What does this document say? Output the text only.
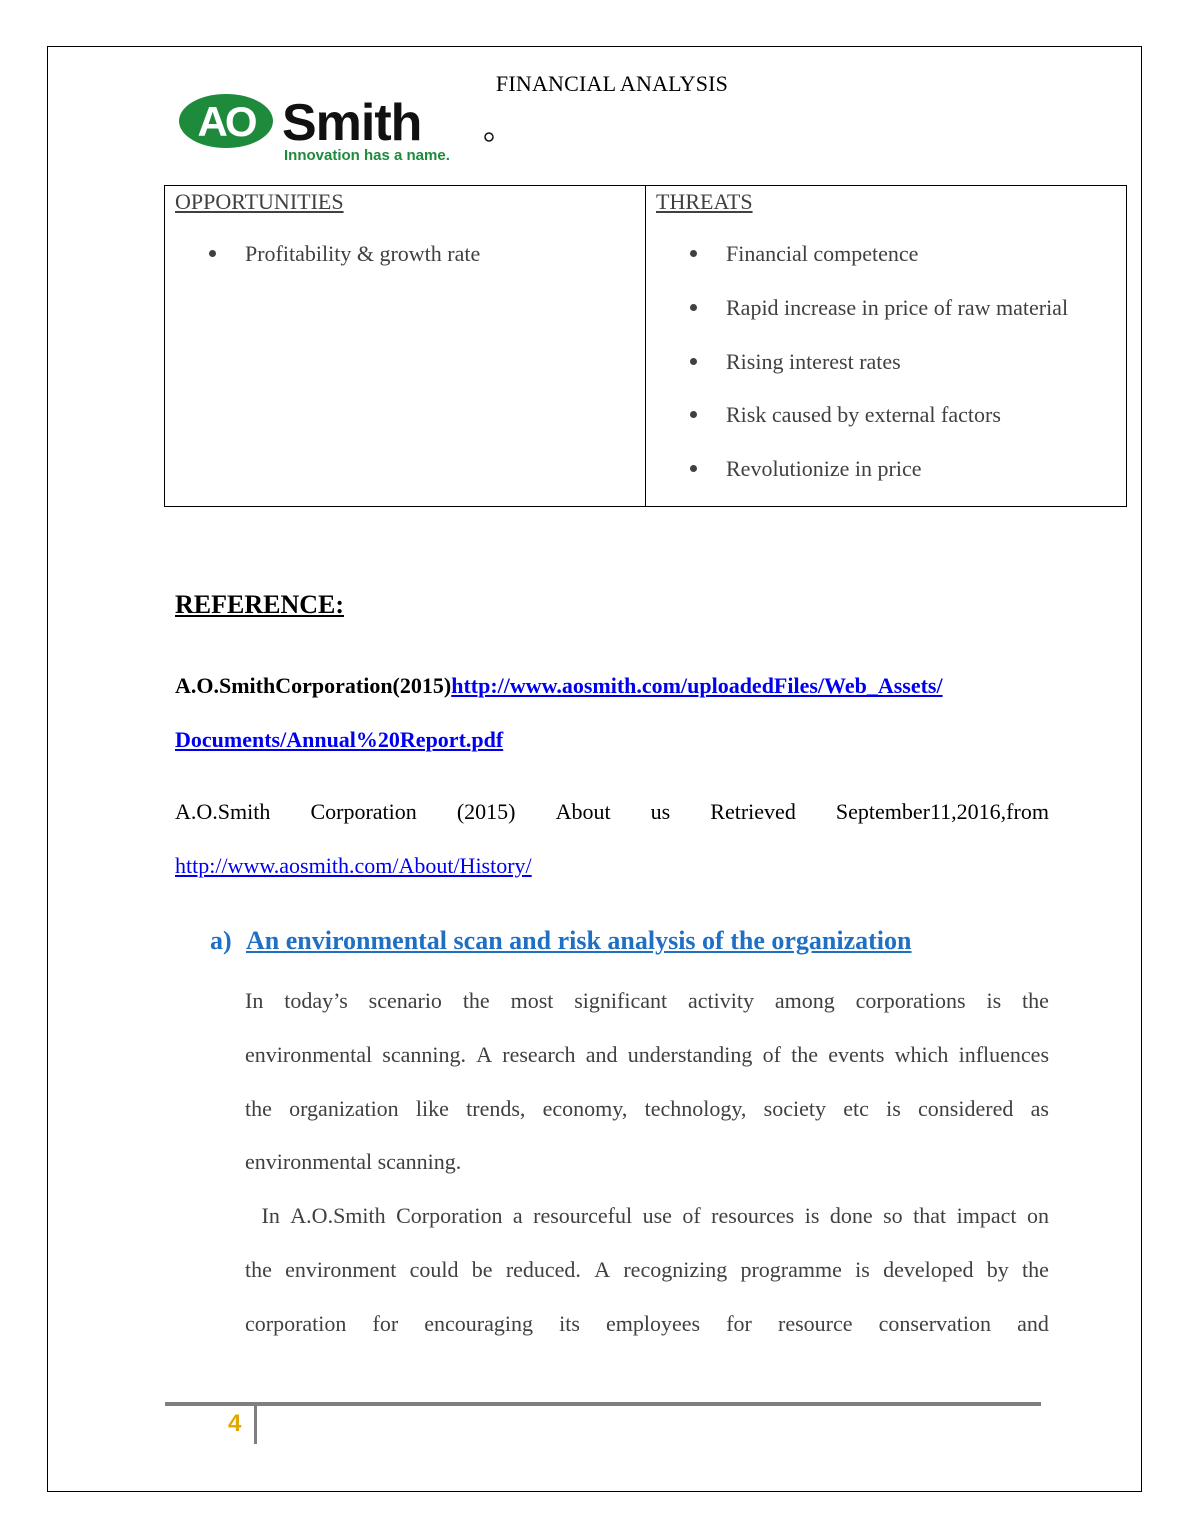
FINANCIAL ANALYSIS
AO Smith
Innovation has a name.
OPPORTUNITIES
Profitability & growth rate
THREATS
Financial competence
Rapid increase in price of raw material
Rising interest rates
Risk caused by external factors
Revolutionize in price
REFERENCE:
A.O.SmithCorporation(2015)http://www.aosmith.com/uploadedFiles/Web_Assets/
Documents/Annual%20Report.pdf
A.O.Smith Corporation (2015) About us Retrieved September11,2016,from
http://www.aosmith.com/About/History/
a) An environmental scan and risk analysis of the organization
In today’s scenario the most significant activity among corporations is the
environmental scanning. A research and understanding of the events which influences
the organization like trends, economy, technology, society etc is considered as
environmental scanning.
In A.O.Smith Corporation a resourceful use of resources is done so that impact on
the environment could be reduced. A recognizing programme is developed by the
corporation for encouraging its employees for resource conservation and
4
